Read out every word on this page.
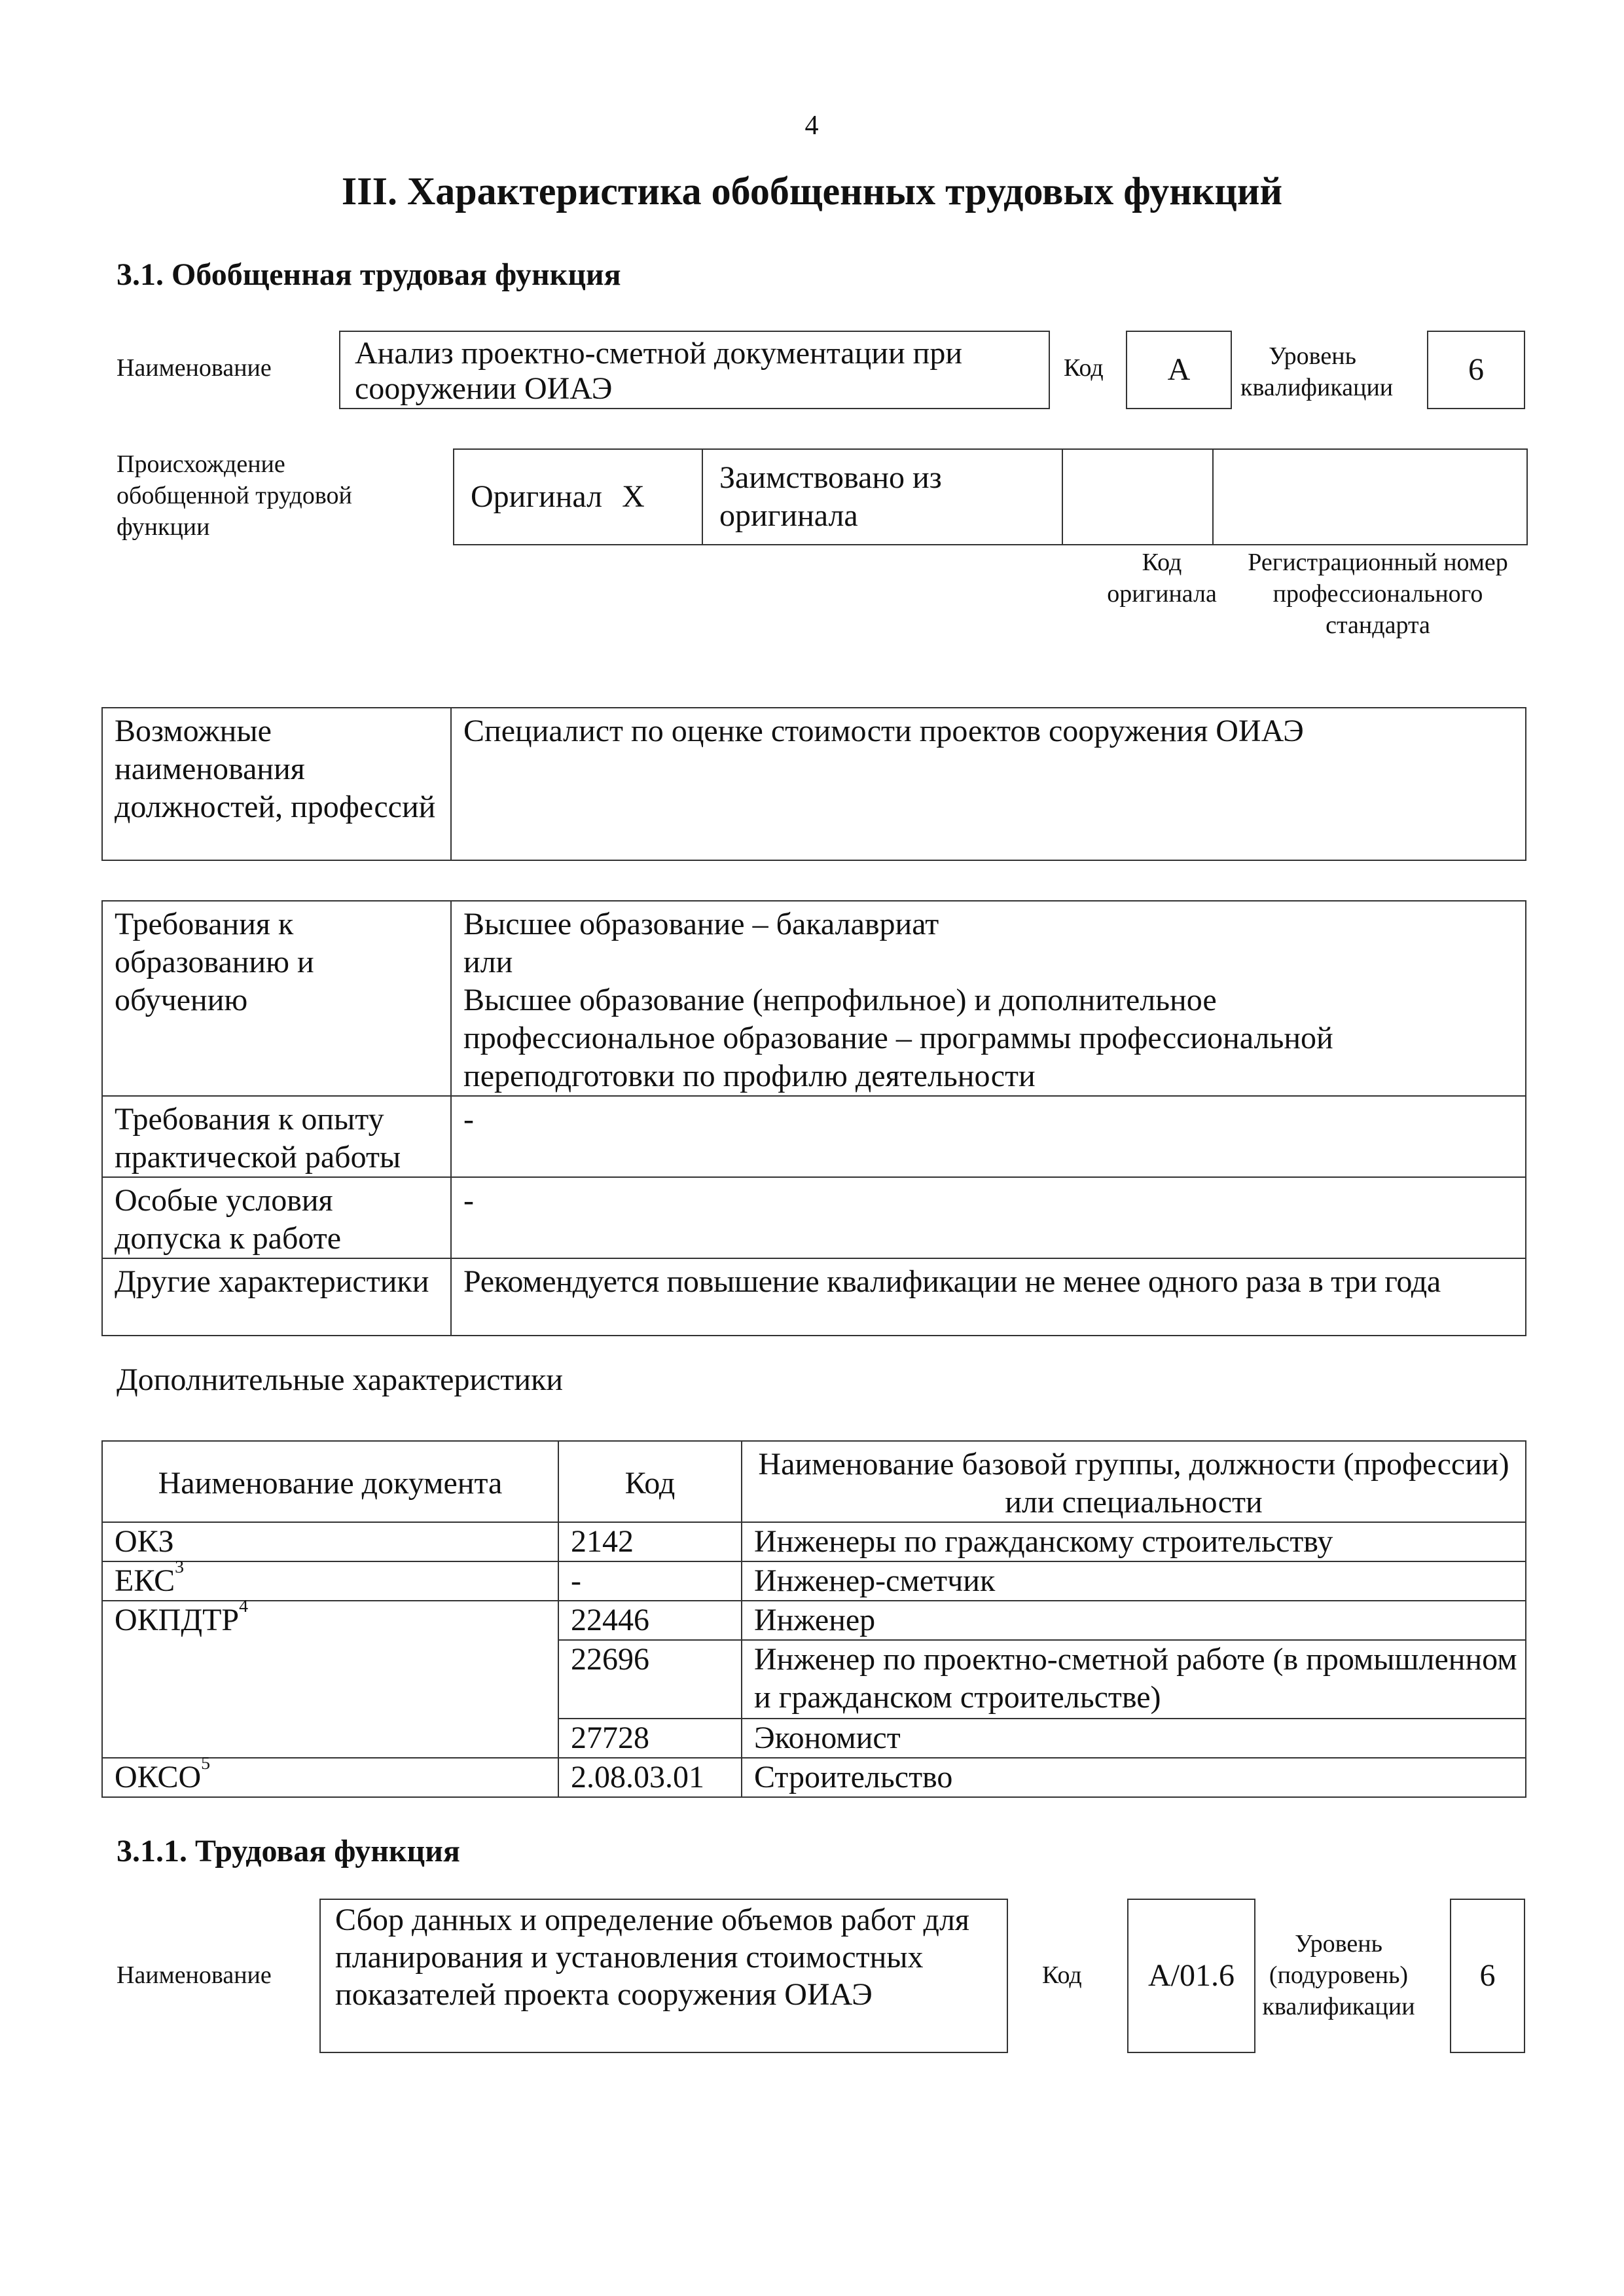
4
III. Характеристика обобщенных трудовых функций
3.1. Обобщенная трудовая функция
Наименование	Анализ проектно-сметной документации при сооружении ОИАЭ
Код	А	Уровень квалификации
6
Происхождение обобщенной трудовой функции
Оригинал	X	Заимствовано из оригинала		
Код оригинала
Регистрационный номер профессионального стандарта
Возможные наименования должностей, профессий	Специалист по оценке стоимости проектов сооружения ОИАЭ
Требования к образованию и обучению	Высшее образование – бакалавриат
или
Высшее образование (непрофильное) и дополнительное
профессиональное образование – программы профессиональной
переподготовки по профилю деятельности

Требования к опыту практической работы	-
Особые условия допуска к работе	-
Другие характеристики	Рекомендуется повышение квалификации не менее одного раза в три года
Дополнительные характеристики
Наименование документа	Код	Наименование базовой группы, должности (профессии) или специальности
ОКЗ	2142	Инженеры по гражданскому строительству
ЕКС$^3$	-	Инженер-сметчик
ОКПДТР$^4$	22446	Инженер
	22696	Инженер по проектно-сметной работе (в промышленном и гражданском строительстве)
	27728	Экономист
ОКСО$^5$	2.08.03.01	Строительство
3.1.1. Трудовая функция
Наименование
Сбор данных и определение объемов работ для планирования и установления стоимостных показателей проекта сооружения ОИАЭ
Код	А/01.6
Уровень (подуровень) квалификации
6
